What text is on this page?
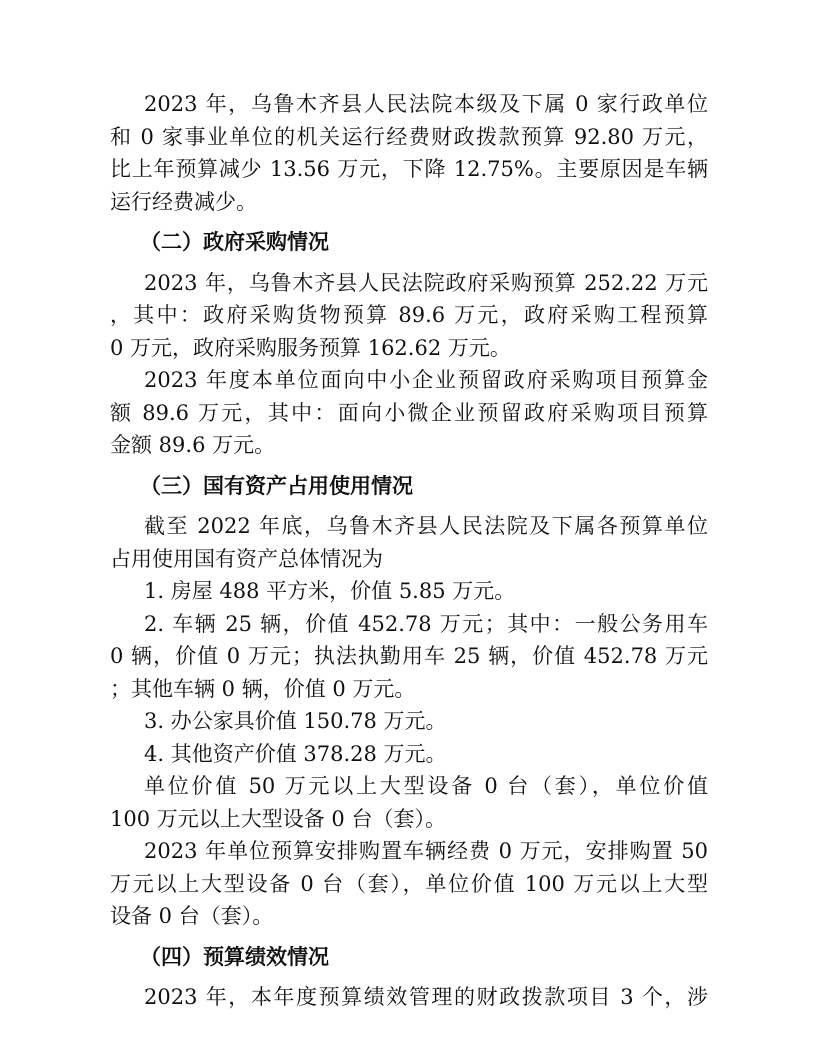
2023 年，乌鲁木齐县人民法院本级及下属 0 家行政单位
和 0 家事业单位的机关运行经费财政拨款预算 92.80 万元，
比上年预算减少 13.56 万元，下降 12.75%。主要原因是车辆
运行经费减少。
（二）政府采购情况
2023 年，乌鲁木齐县人民法院政府采购预算 252.22 万元
，其中：政府采购货物预算 89.6 万元，政府采购工程预算
0 万元，政府采购服务预算 162.62 万元。
2023 年度本单位面向中小企业预留政府采购项目预算金
额 89.6 万元，其中：面向小微企业预留政府采购项目预算
金额 89.6 万元。
（三）国有资产占用使用情况
截至 2022 年底，乌鲁木齐县人民法院及下属各预算单位
占用使用国有资产总体情况为
1. 房屋 488 平方米，价值 5.85 万元。
2. 车辆 25 辆，价值 452.78 万元；其中：一般公务用车
0 辆，价值 0 万元；执法执勤用车 25 辆，价值 452.78 万元
；其他车辆 0 辆，价值 0 万元。
3. 办公家具价值 150.78 万元。
4. 其他资产价值 378.28 万元。
单位价值 50 万元以上大型设备 0 台（套），单位价值
100 万元以上大型设备 0 台（套）。
2023 年单位预算安排购置车辆经费 0 万元，安排购置 50
万元以上大型设备 0 台（套），单位价值 100 万元以上大型
设备 0 台（套）。
（四）预算绩效情况
2023 年，本年度预算绩效管理的财政拨款项目 3 个，涉
